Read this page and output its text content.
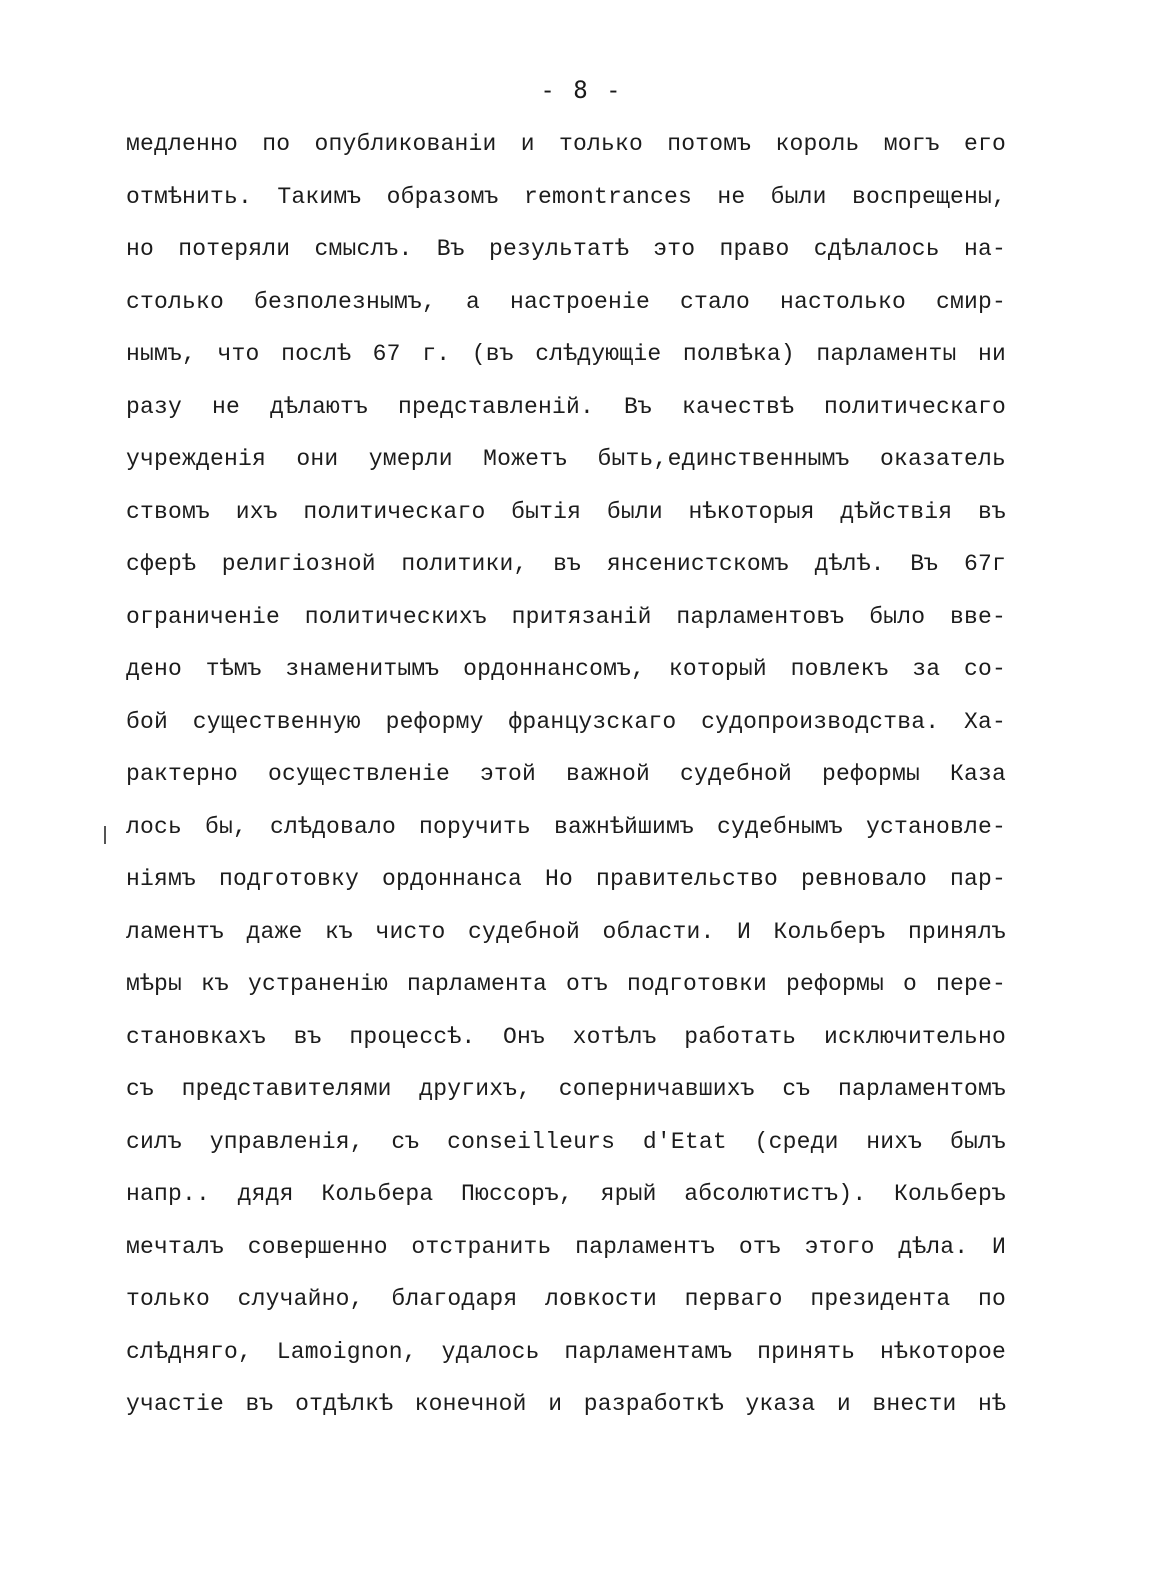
- 8 -
медленно по опубликованіи и только потомъ король могъ его
отмѣнить. Такимъ образомъ remontrances не были воспрещены,
но потеряли смыслъ. Въ результатѣ это право сдѣлалось на-
столько безполезнымъ, а настроеніе стало настолько смир-
нымъ, что послѣ 67 г. (въ слѣдующіе полвѣка) парламенты ни
разу не дѣлаютъ представленій. Въ качествѣ политическаго
учрежденія они умерли Можетъ быть,единственнымъ оказатель
ствомъ ихъ политическаго бытія были нѣкоторыя дѣйствія въ
сферѣ религіозной политики, въ янсенистскомъ дѣлѣ. Въ 67г
ограниченіе политическихъ притязаній парламентовъ было вве-
дено тѣмъ знаменитымъ ордоннансомъ, который повлекъ за со-
бой существенную реформу французскаго судопроизводства. Ха-
рактерно осуществленіе этой важной судебной реформы Каза
лось бы, слѣдовало поручить важнѣйшимъ судебнымъ установле-
ніямъ подготовку ордоннанса Но правительство ревновало пар-
ламентъ даже къ чисто судебной области. И Кольберъ принялъ
мѣры къ устраненію парламента отъ подготовки реформы о пере-
становкахъ въ процессѣ. Онъ хотѣлъ работать исключительно
съ представителями другихъ, соперничавшихъ съ парламентомъ
силъ управленія, съ conseilleurs d'Etat (среди нихъ былъ
напр.. дядя Кольбера Пюссоръ, ярый абсолютистъ). Кольберъ
мечталъ совершенно отстранить парламентъ отъ этого дѣла. И
только случайно, благодаря ловкости перваго президента по
слѣдняго, Lamoignon, удалось парламентамъ принять нѣкоторое
участіе въ отдѣлкѣ конечной и разработкѣ указа и внести нѣ
